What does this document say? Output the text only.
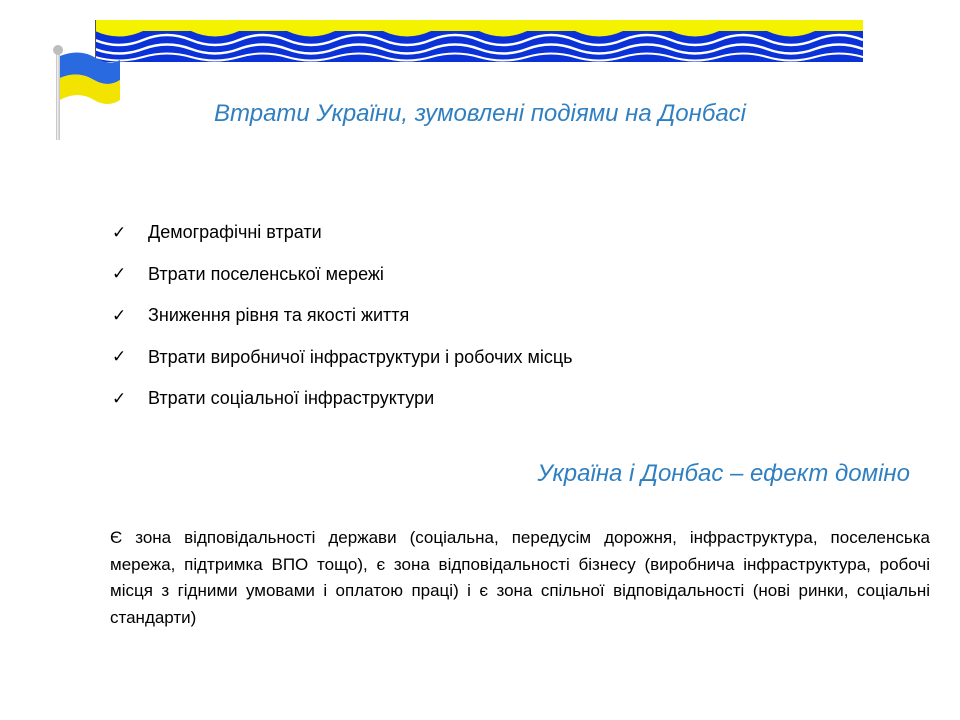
Втрати України, зумовлені подіями на Донбасі
✓	Демографічні втрати
✓	Втрати поселенської мережі
✓	Зниження рівня та якості життя
✓	Втрати виробничої інфраструктури і робочих місць
✓	Втрати соціальної інфраструктури
Україна і Донбас – ефект доміно

Є зона відповідальності держави (соціальна, передусім дорожня, інфраструктура, поселенська мережа, підтримка ВПО тощо), є зона відповідальності бізнесу (виробнича інфраструктура, робочі місця з гідними умовами і оплатою праці) і є зона спільної відповідальності (нові ринки, соціальні стандарти)
